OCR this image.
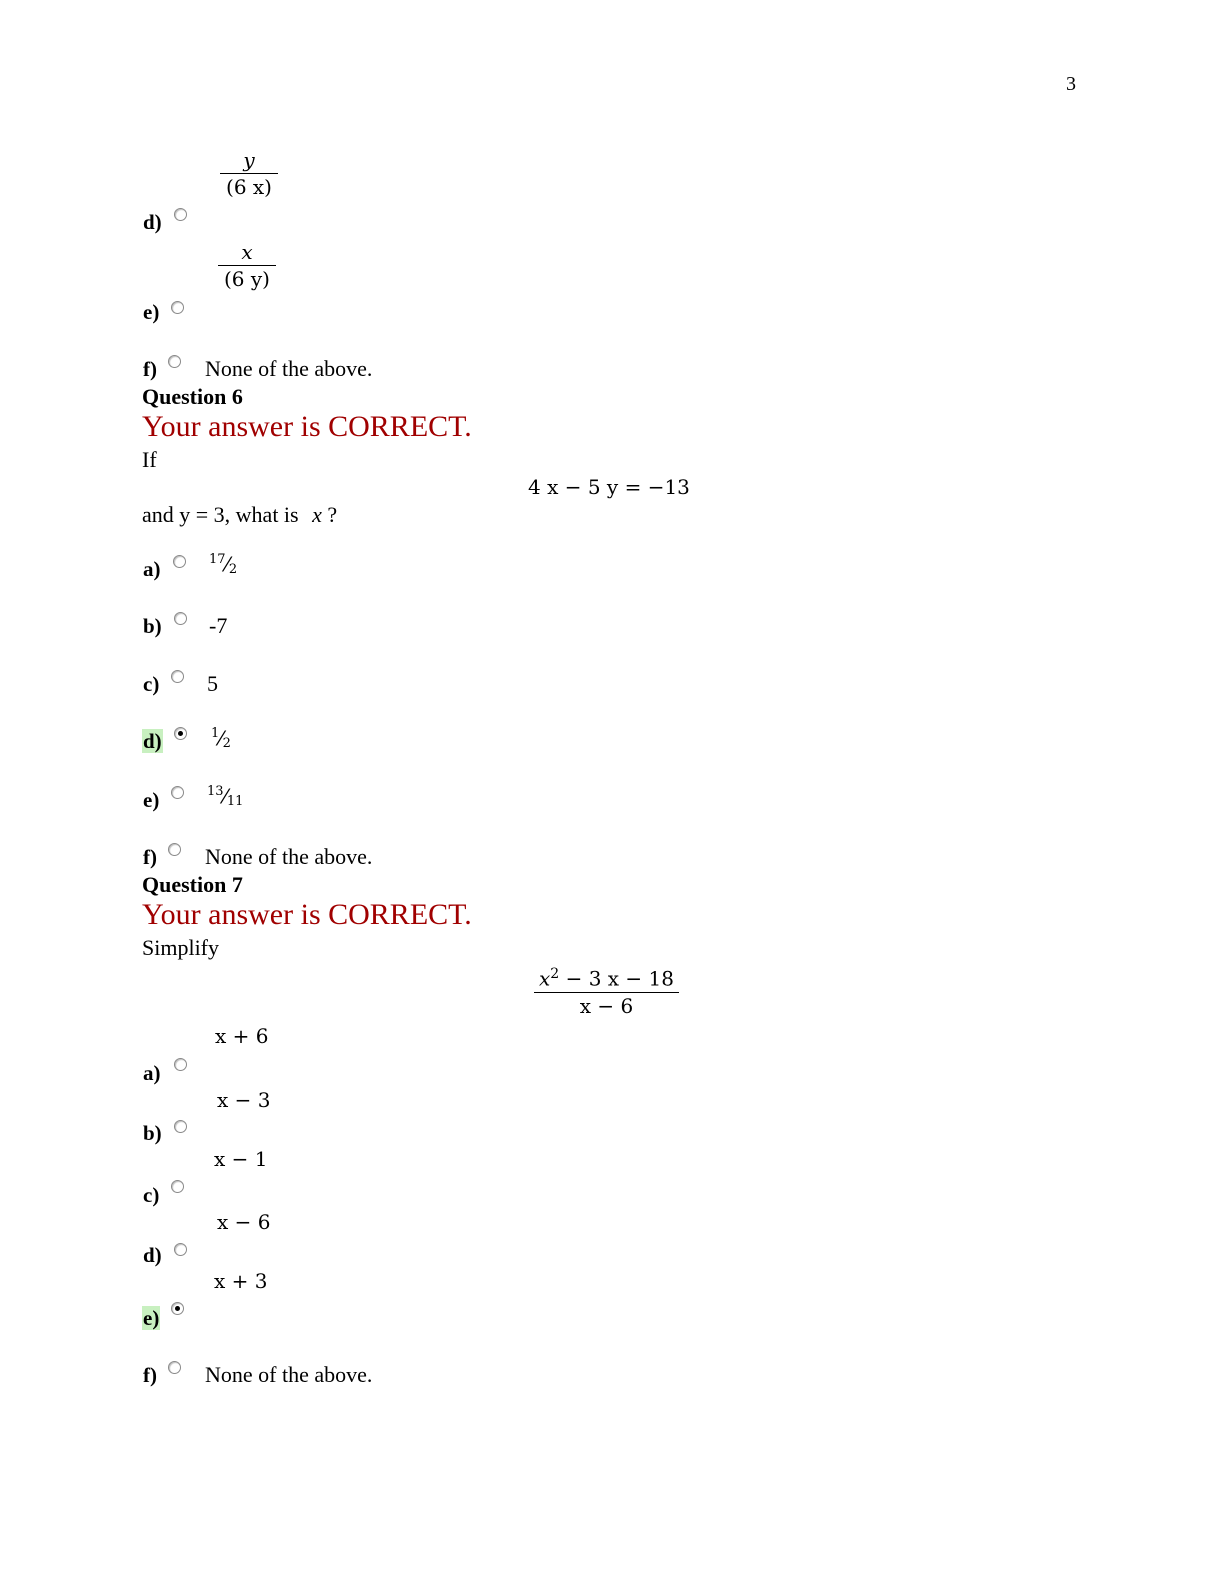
3
y
(6 x)
d)
x
(6 y)
e)
f) None of the above.
Question 6
Your answer is CORRECT.
If
4 x − 5 y = −13
and y = 3, what is x ?
a)	$^{17}⁄_2$
b) -7
c) 5
d)	$^1⁄_2$
e)	$^{13}⁄_{11}$
f) None of the above.
Question 7
Your answer is CORRECT.
Simplify
$x^2 - 3$ x − 18
x − 6
x + 6
a)
x − 3
b)
x − 1
c)
x − 6
d)
x + 3
e)
f) None of the above.
